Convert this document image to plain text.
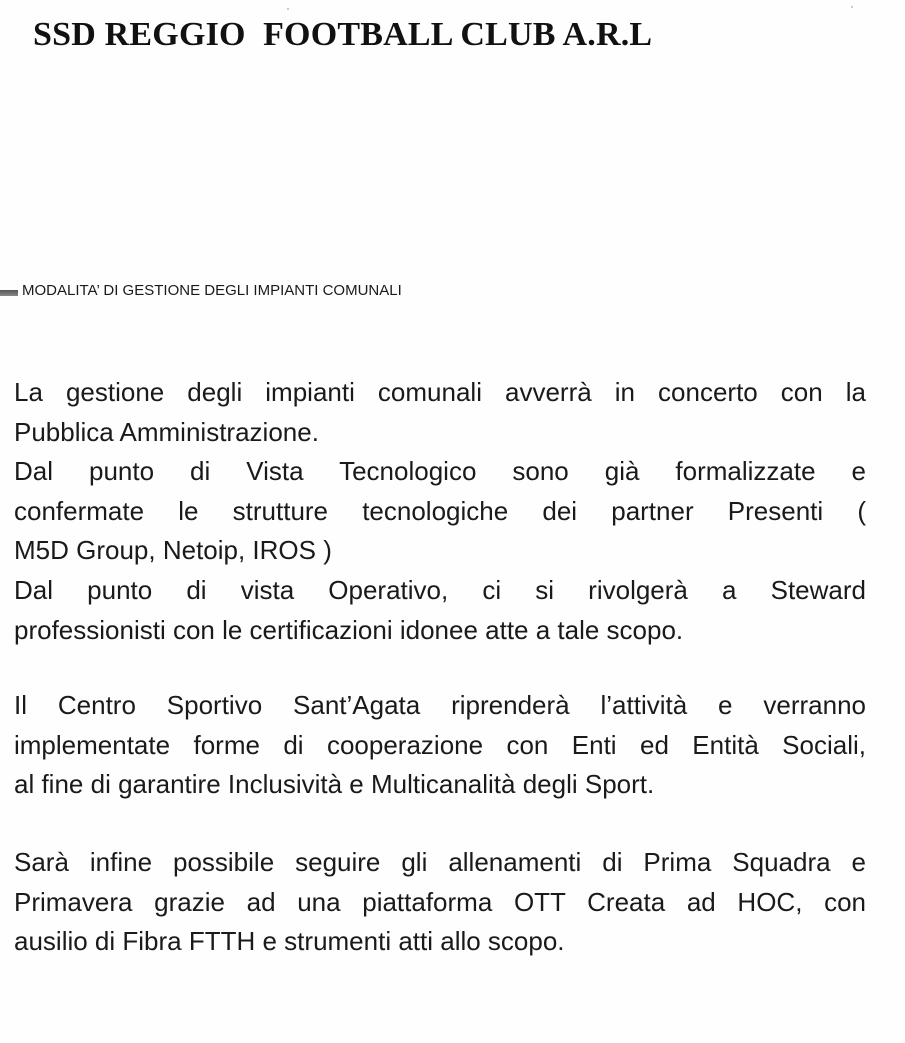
SSD REGGIO  FOOTBALL CLUB A.R.L
MODALITA’ DI GESTIONE DEGLI IMPIANTI COMUNALI
La gestione degli impianti comunali avverrà in concerto con la
Pubblica Amministrazione.
Dal punto di Vista Tecnologico sono già formalizzate e
confermate le strutture tecnologiche dei partner Presenti (
M5D Group, Netoip, IROS )
Dal punto di vista Operativo, ci si rivolgerà a Steward
professionisti con le certificazioni idonee atte a tale scopo.
Il Centro Sportivo Sant’Agata riprenderà l’attività e verranno
implementate forme di cooperazione con Enti ed Entità Sociali,
al fine di garantire Inclusività e Multicanalità degli Sport.
Sarà infine possibile seguire gli allenamenti di Prima Squadra e
Primavera grazie ad una piattaforma OTT Creata ad HOC, con
ausilio di Fibra FTTH e strumenti atti allo scopo.
